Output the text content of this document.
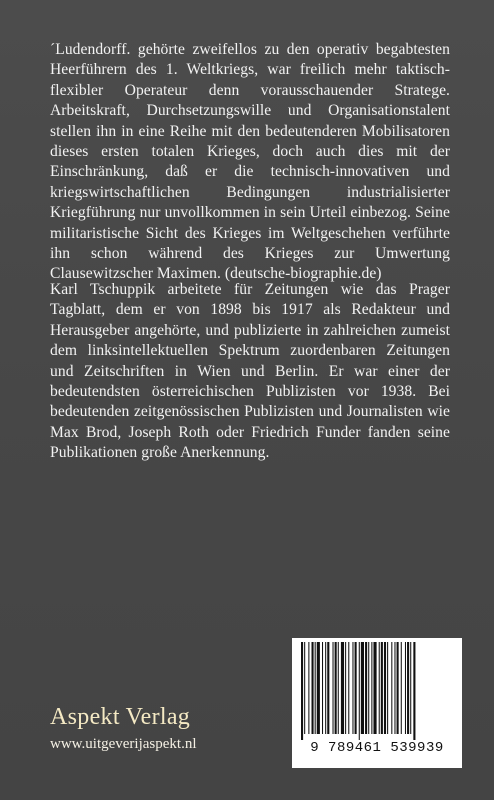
´Ludendorff. gehörte zweifellos zu den operativ begabtesten Heerführern des 1. Weltkriegs, war freilich mehr taktisch-flexibler Operateur denn vorausschauender Stratege. Arbeitskraft, Durchsetzungswille und Organisationstalent stellen ihn in eine Reihe mit den bedeutenderen Mobilisatoren dieses ersten totalen Krieges, doch auch dies mit der Einschränkung, daß er die technisch-innovativen und kriegswirtschaftlichen Bedingungen industrialisierter Kriegführung nur unvollkommen in sein Urteil einbezog. Seine militaristische Sicht des Krieges im Weltgeschehen verführte ihn schon während des Krieges zur Umwertung Clausewitzscher Maximen. (deutsche-biographie.de)

Karl Tschuppik arbeitete für Zeitungen wie das Prager Tagblatt, dem er von 1898 bis 1917 als Redakteur und Herausgeber angehörte, und publizierte in zahlreichen zumeist dem linksintellektuellen Spektrum zuordenbaren Zeitungen und Zeitschriften in Wien und Berlin. Er war einer der bedeutendsten österreichischen Publizisten vor 1938. Bei bedeutenden zeitgenössischen Publizisten und Journalisten wie Max Brod, Joseph Roth oder Friedrich Funder fanden seine Publikationen große Anerkennung.

Aspekt Verlag
www.uitgeverijaspekt.nl	9 789461 539939
